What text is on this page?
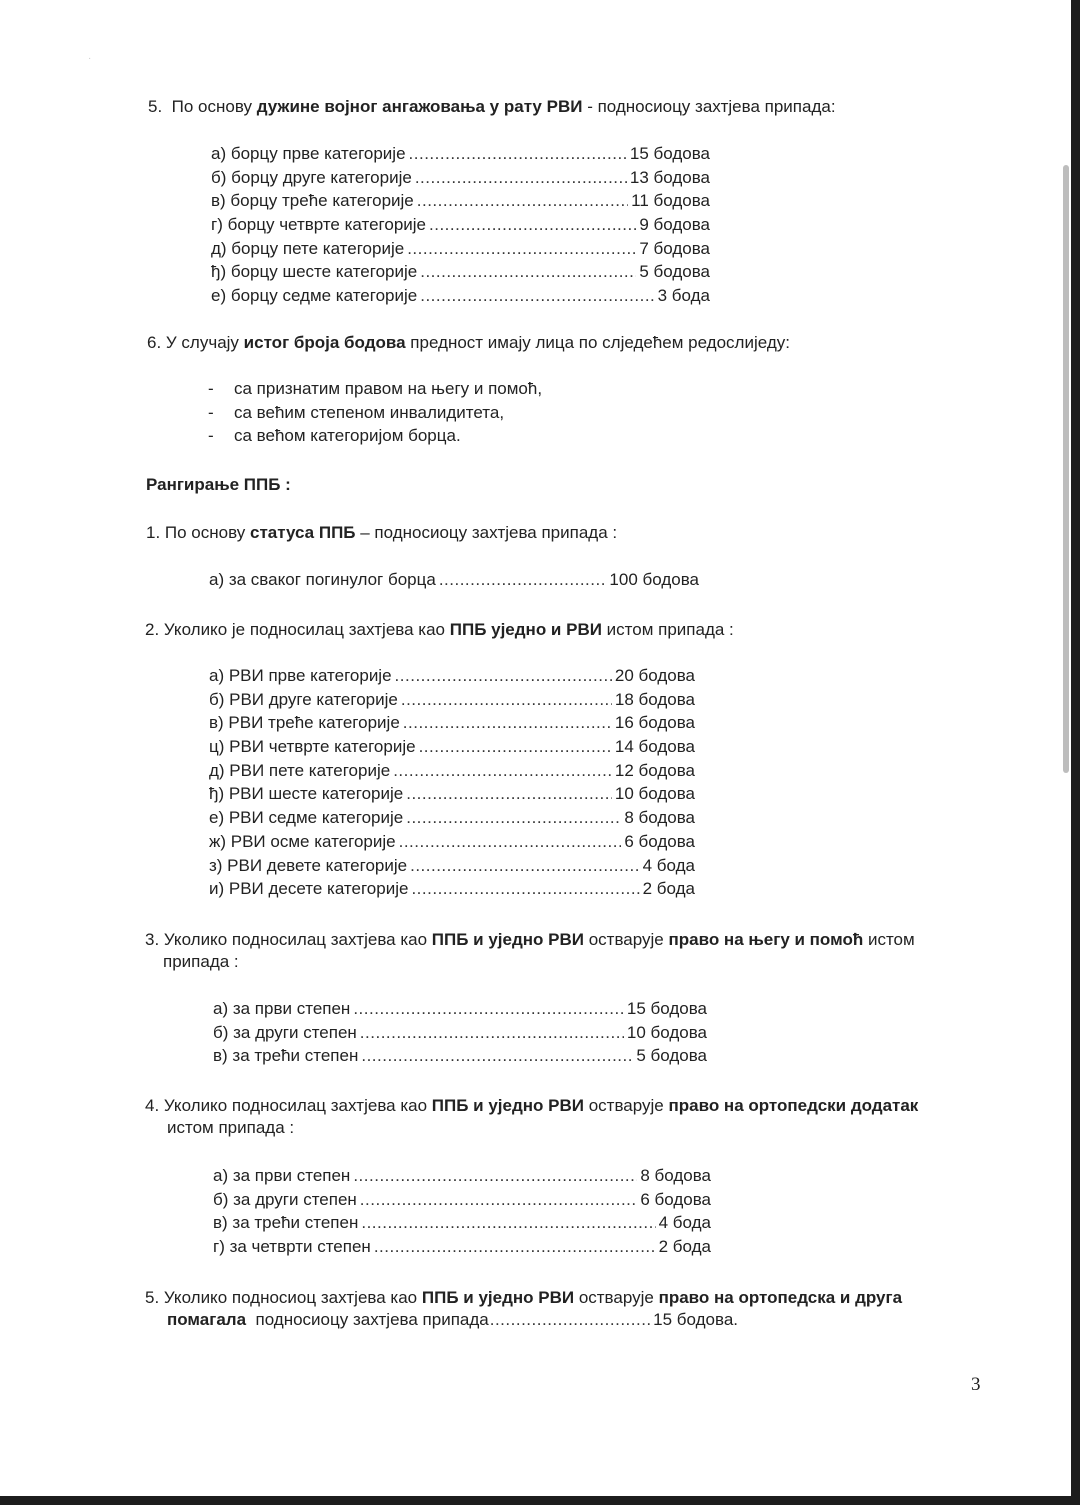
·
5. По основу дужине војног ангажовања у рату РВИ - подносиоцу захтјева припада:
а) борцу прве категорије .....	15 бодова
б) борцу друге категорије .....	13 бодова
в) борцу треће категорије .....	11 бодова
г) борцу четврте категорије .....	9 бодова
д) борцу пете категорије .....	7 бодова
ђ) борцу шесте категорије .....	5 бодова
е) борцу седме категорије .....	3 бода
6. У случају истог броја бодова предност имају лица по слједећем редослиједу:
-	са признатим правом на његу и помоћ,
-	са већим степеном инвалидитета,
-	са већом категоријом борца.
Рангирање ППБ :
1. По основу статуса ППБ – подносиоцу захтјева припада :
а) за сваког погинулог борца .....	100 бодова
2. Уколико је подносилац захтјева као ППБ уједно и РВИ истом припада :
а) РВИ прве категорије .....	20 бодова
б) РВИ друге категорије .....	18 бодова
в) РВИ треће категорије .....	16 бодова
ц) РВИ четврте категорије .....	14 бодова
д) РВИ пете категорије .....	12 бодова
ђ) РВИ шесте категорије .....	10 бодова
е) РВИ седме категорије .....	8 бодова
ж) РВИ осме категорије .....	6 бодова
з) РВИ девете категорије .....	4 бода
и) РВИ десете категорије .....	2 бода
3. Уколико подносилац захтјева као ППБ и уједно РВИ остварује право на његу и помоћ истом
припада :
а) за први степен .....	15 бодова
б) за други степен .....	10 бодова
в) за трећи степен .....	5 бодова
4. Уколико подносилац захтјева као ППБ и уједно РВИ остварује право на ортопедски додатак
истом припада :
а) за први степен .....	8 бодова
б) за други степен .....	6 бодова
в) за трећи степен .....	4 бода
г) за четврти степен .....	2 бода
5. Уколико подносиоц захтјева као ППБ и уједно РВИ остварује право на ортопедска и друга
помагала подносиоцу захтјева припада .....	15 бодова.
3
